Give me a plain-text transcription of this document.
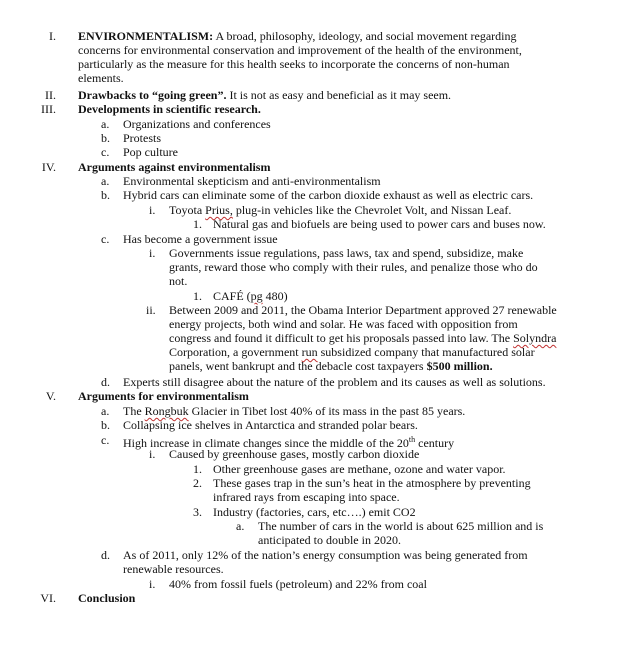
I. ENVIRONMENTALISM: A broad, philosophy, ideology, and social movement regarding
concerns for environmental conservation and improvement of the health of the environment,
particularly as the measure for this health seeks to incorporate the concerns of non-human
elements.
II. Drawbacks to “going green”. It is not as easy and beneficial as it may seem.
III. Developments in scientific research.
a. Organizations and conferences
b. Protests
c. Pop culture
IV. Arguments against environmentalism
a. Environmental skepticism and anti-environmentalism
b. Hybrid cars can eliminate some of the carbon dioxide exhaust as well as electric cars.
i. Toyota Prius, plug-in vehicles like the Chevrolet Volt, and Nissan Leaf.
1. Natural gas and biofuels are being used to power cars and buses now.
c. Has become a government issue
i. Governments issue regulations, pass laws, tax and spend, subsidize, make
grants, reward those who comply with their rules, and penalize those who do
not.
1. CAFÉ (pg 480)
ii. Between 2009 and 2011, the Obama Interior Department approved 27 renewable
energy projects, both wind and solar. He was faced with opposition from
congress and found it difficult to get his proposals passed into law. The Solyndra
Corporation, a government run subsidized company that manufactured solar
panels, went bankrupt and the debacle cost taxpayers $500 million.
d. Experts still disagree about the nature of the problem and its causes as well as solutions.
V. Arguments for environmentalism
a. The Rongbuk Glacier in Tibet lost 40% of its mass in the past 85 years.
b. Collapsing ice shelves in Antarctica and stranded polar bears.
c. High increase in climate changes since the middle of the 20th century
i. Caused by greenhouse gases, mostly carbon dioxide
1. Other greenhouse gases are methane, ozone and water vapor.
2. These gases trap in the sun’s heat in the atmosphere by preventing
infrared rays from escaping into space.
3. Industry (factories, cars, etc….) emit CO2
a. The number of cars in the world is about 625 million and is
anticipated to double in 2020.
d. As of 2011, only 12% of the nation’s energy consumption was being generated from
renewable resources.
i. 40% from fossil fuels (petroleum) and 22% from coal
VI. Conclusion
